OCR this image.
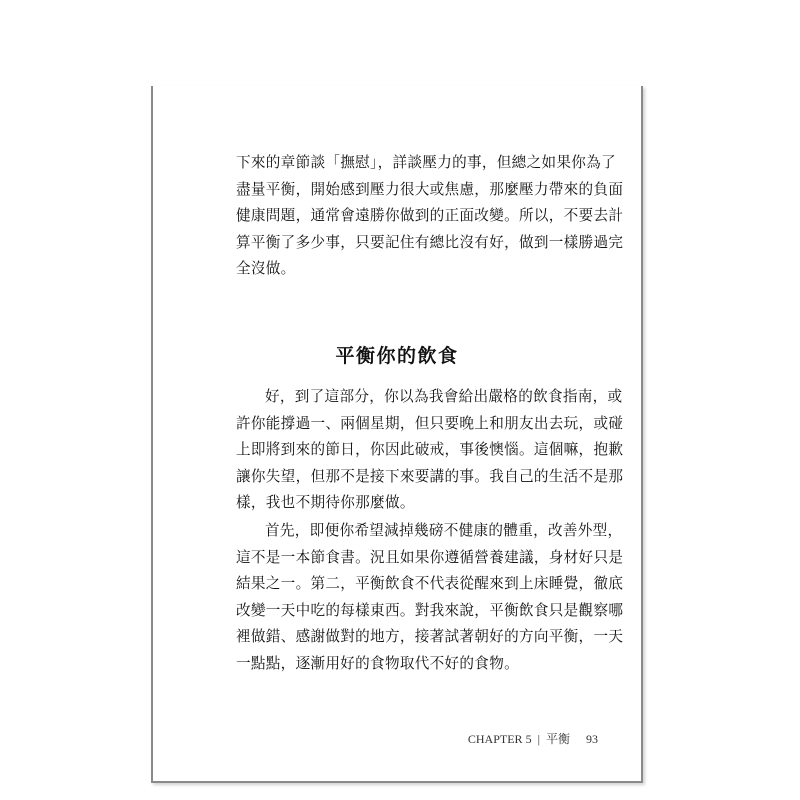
下來的章節談「撫慰」，詳談壓力的事，但總之如果你為了
盡量平衡，開始感到壓力很大或焦慮，那麼壓力帶來的負面
健康問題，通常會遠勝你做到的正面改變。所以，不要去計
算平衡了多少事，只要記住有總比沒有好，做到一樣勝過完
全沒做。
平衡你的飲食
好，到了這部分，你以為我會給出嚴格的飲食指南，或
許你能撐過一、兩個星期，但只要晚上和朋友出去玩，或碰
上即將到來的節日，你因此破戒，事後懊惱。這個嘛，抱歉
讓你失望，但那不是接下來要講的事。我自己的生活不是那
樣，我也不期待你那麼做。
首先，即便你希望減掉幾磅不健康的體重，改善外型，
這不是一本節食書。況且如果你遵循營養建議，身材好只是
結果之一。第二，平衡飲食不代表從醒來到上床睡覺，徹底
改變一天中吃的每樣東西。對我來說，平衡飲食只是觀察哪
裡做錯、感謝做對的地方，接著試著朝好的方向平衡，一天
一點點，逐漸用好的食物取代不好的食物。
CHAPTER 5 | 平衡 93
